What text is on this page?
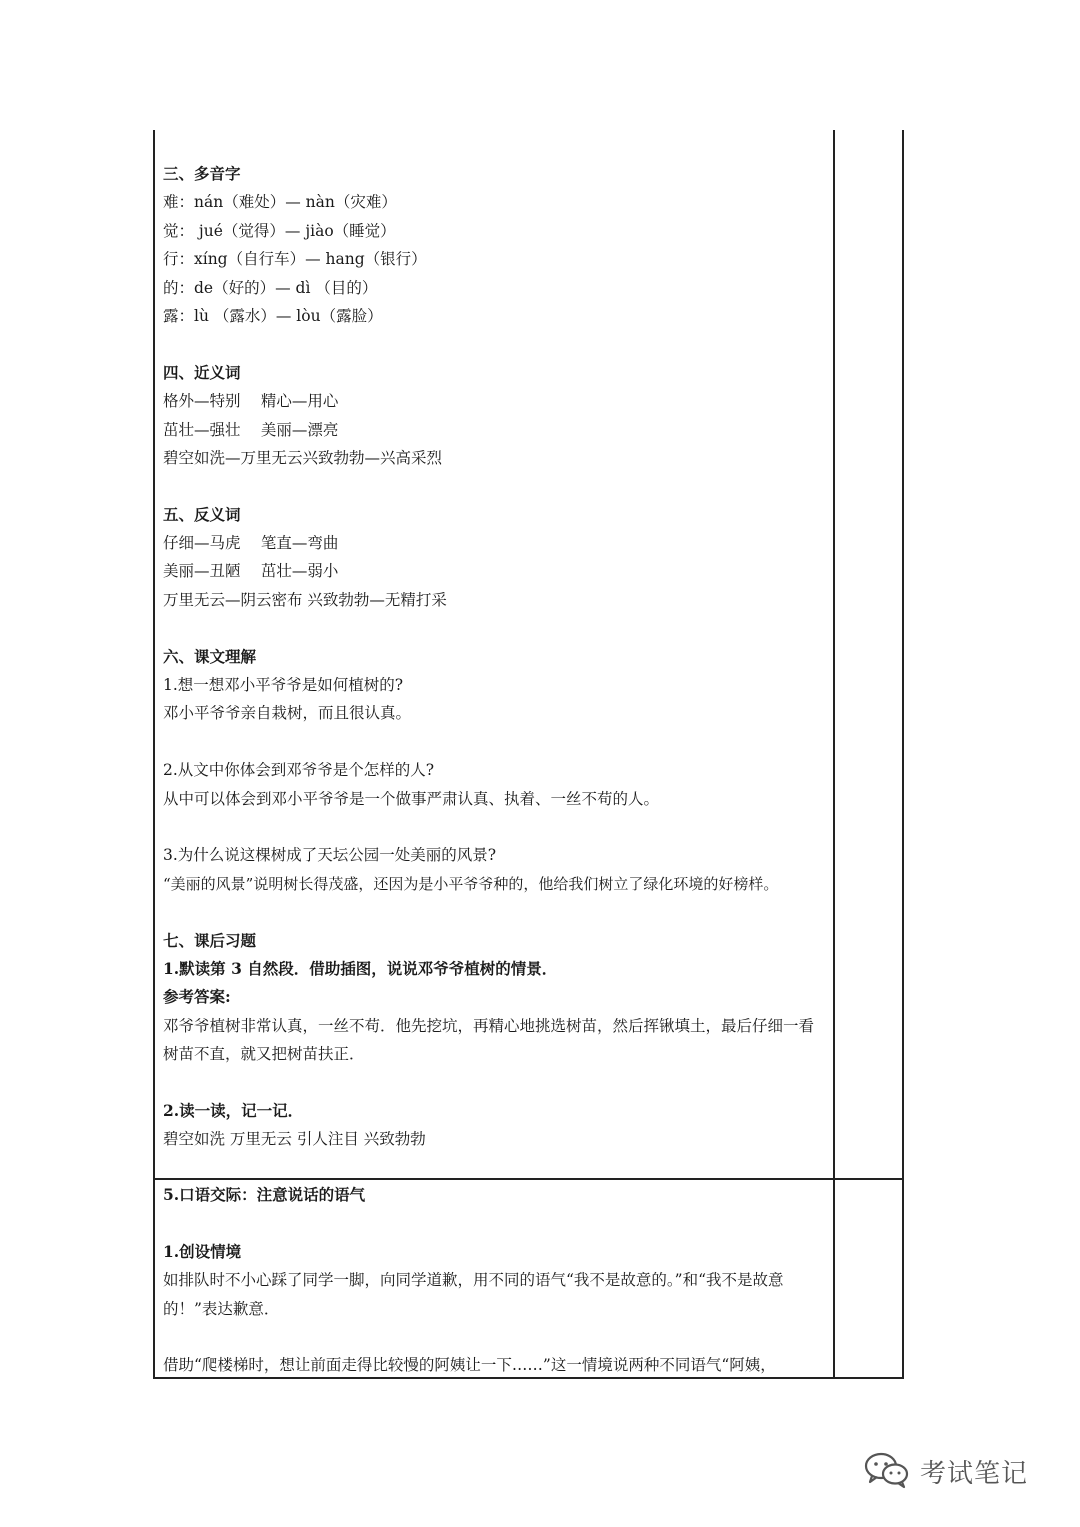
三、多音字
难：nán（难处）— nàn（灾难）
觉： jué（觉得）— jiào（睡觉）
行：xíng（自行车）— hang（银行）
的：de（好的）— dì （目的）
露：lù （露水）— lòu（露脸）
四、近义词
格外—特别　 精心—用心
茁壮—强壮　 美丽—漂亮
碧空如洗—万里无云兴致勃勃—兴高采烈
五、反义词
仔细—马虎　 笔直—弯曲
美丽—丑陋　 茁壮—弱小
万里无云—阴云密布 兴致勃勃—无精打采
六、课文理解
1.想一想邓小平爷爷是如何植树的?
邓小平爷爷亲自栽树，而且很认真。
2.从文中你体会到邓爷爷是个怎样的人?
从中可以体会到邓小平爷爷是一个做事严肃认真、执着、一丝不苟的人。
3.为什么说这棵树成了天坛公园一处美丽的风景?
“美丽的风景”说明树长得茂盛，还因为是小平爷爷种的，他给我们树立了绿化环境的好榜样。
七、课后习题
1.默读第 3 自然段．借助插图，说说邓爷爷植树的情景．
参考答案:
邓爷爷植树非常认真，一丝不苟．他先挖坑，再精心地挑选树苗，然后挥锹填土，最后仔细一看树苗不直，就又把树苗扶正．
2.读一读，记一记．
碧空如洗 万里无云 引人注目 兴致勃勃
5.口语交际：注意说话的语气
1.创设情境
如排队时不小心踩了同学一脚，向同学道歉，用不同的语气“我不是故意的。”和“我不是故意的！”表达歉意．
借助“爬楼梯时，想让前面走得比较慢的阿姨让一下……”这一情境说两种不同语气“阿姨，
考试笔记
